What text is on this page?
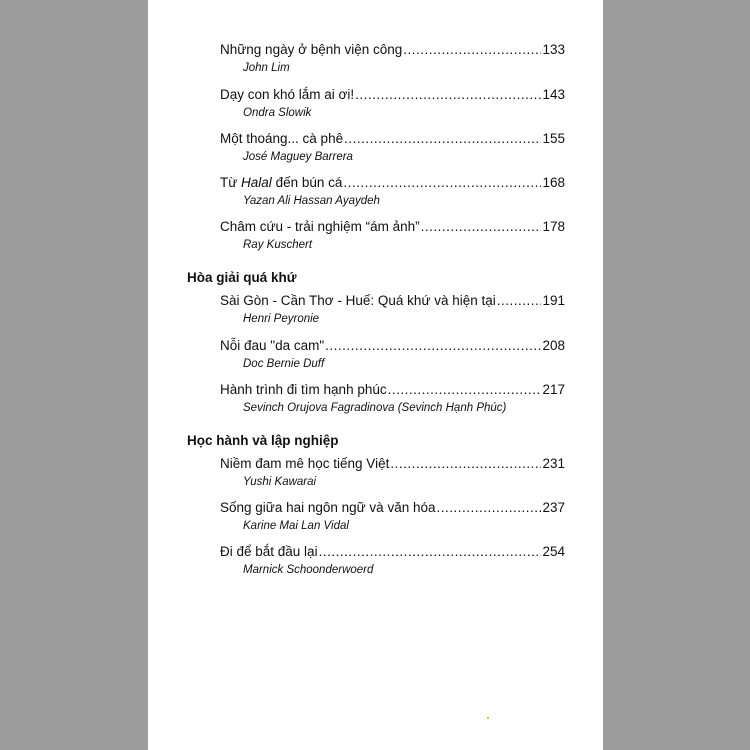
Những ngày ở bệnh viện công .....	133
John Lim
Dạy con khó lắm ai ơi! .....	143
Ondra Slowik
Một thoáng... cà phê .....	155
José Maguey Barrera
Từ Halal đến bún cá .....	168
Yazan Ali Hassan Ayaydeh
Châm cứu - trải nghiệm “ám ảnh” .....	178
Ray Kuschert
Hòa giải quá khứ
Sài Gòn - Cần Thơ - Huế: Quá khứ và hiện tại .....	191
Henri Peyronie
Nỗi đau "da cam" .....	208
Doc Bernie Duff
Hành trình đi tìm hạnh phúc .....	217
Sevinch Orujova Fagradinova (Sevinch Hạnh Phúc)
Học hành và lập nghiệp
Niềm đam mê học tiếng Việt .....	231
Yushi Kawarai
Sống giữa hai ngôn ngữ và văn hóa .....	237
Karine Mai Lan Vidal
Đi để bắt đầu lại .....	254
Marnick Schoonderwoerd
